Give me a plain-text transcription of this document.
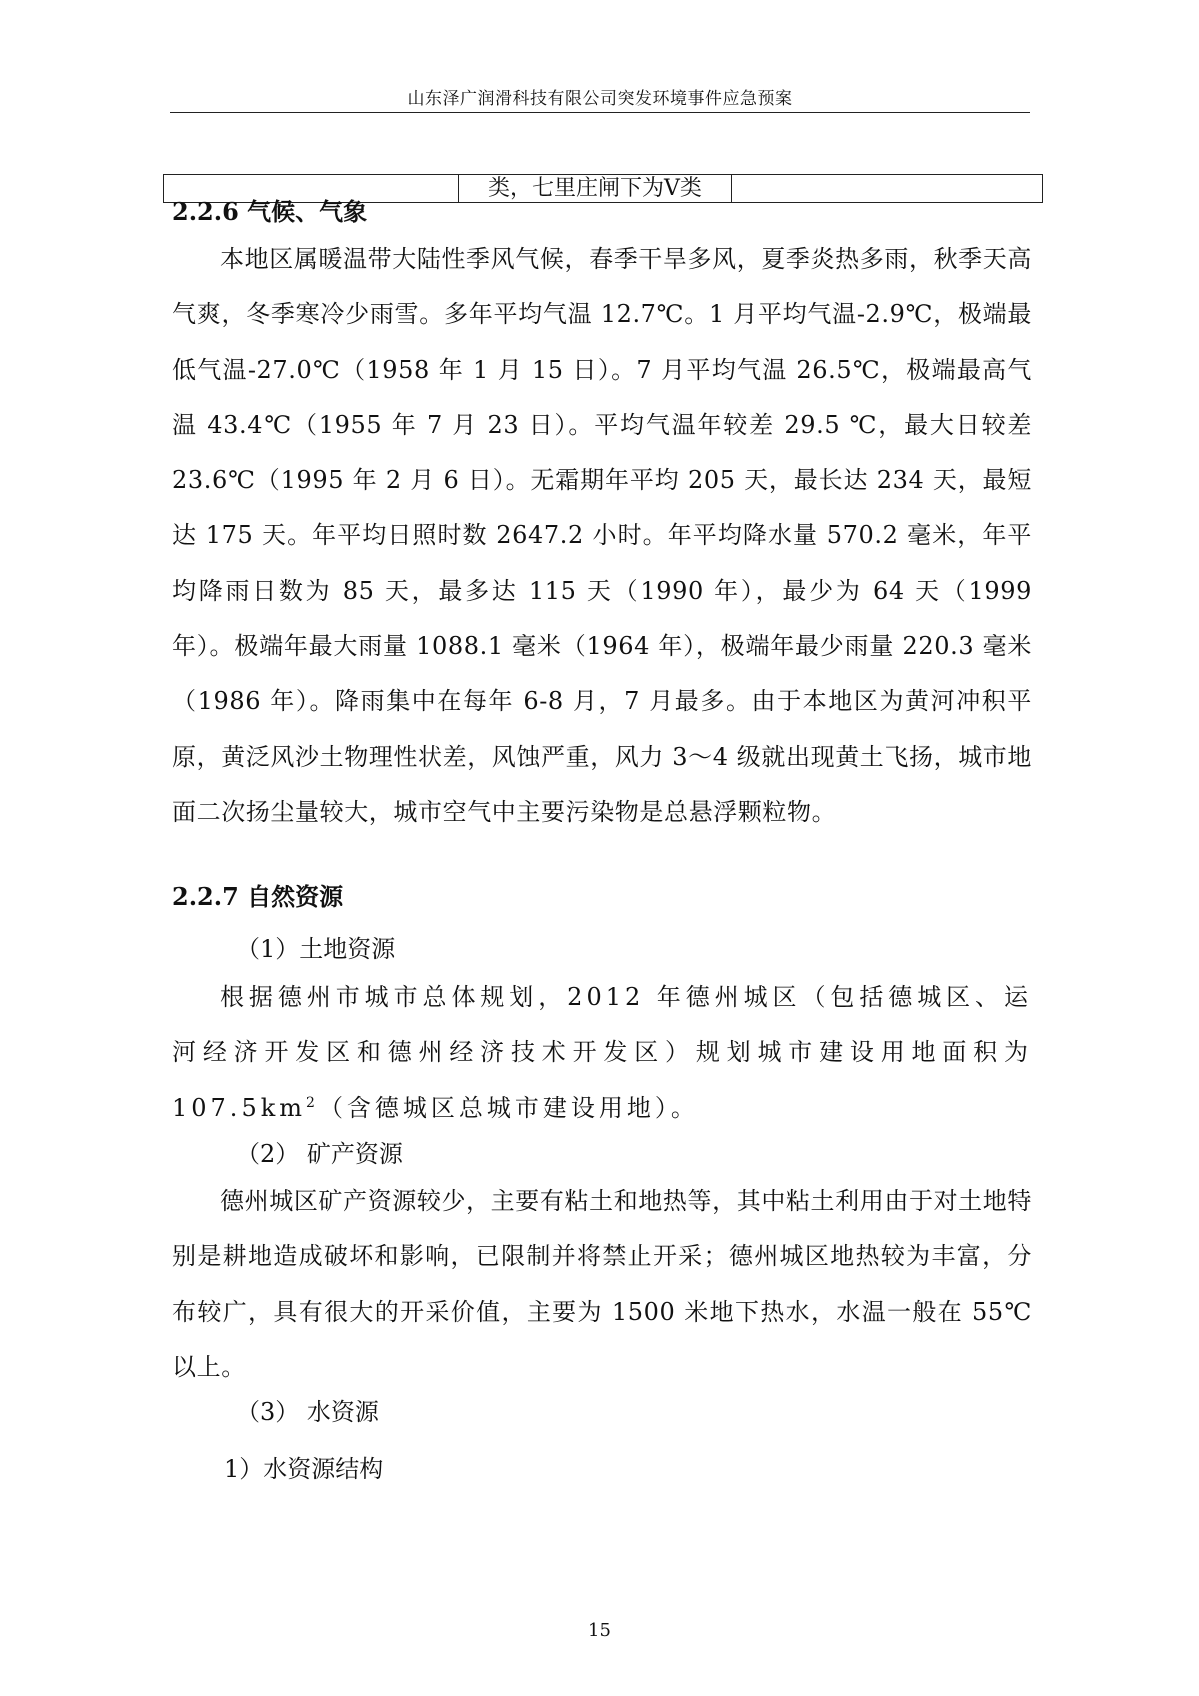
山东泽广润滑科技有限公司突发环境事件应急预案
	类，七里庄闸下为Ⅴ类	
2.2.6 气候、气象
本地区属暖温带大陆性季风气候，春季干旱多风，夏季炎热多雨，秋季天高气爽，冬季寒冷少雨雪。多年平均气温 12.7℃。1 月平均气温-2.9℃，极端最低气温-27.0℃（1958 年 1 月 15 日）。7 月平均气温 26.5℃，极端最高气温 43.4℃（1955 年 7 月 23 日）。平均气温年较差 29.5 ℃，最大日较差 23.6℃（1995 年 2 月 6 日）。无霜期年平均 205 天，最长达 234 天，最短达 175 天。年平均日照时数 2647.2 小时。年平均降水量 570.2 毫米，年平均降雨日数为 85 天，最多达 115 天（1990 年），最少为 64 天（1999 年）。极端年最大雨量 1088.1 毫米（1964 年），极端年最少雨量 220.3 毫米（1986 年）。降雨集中在每年 6-8 月，7 月最多。由于本地区为黄河冲积平原，黄泛风沙土物理性状差，风蚀严重，风力 3～4 级就出现黄土飞扬，城市地面二次扬尘量较大，城市空气中主要污染物是总悬浮颗粒物。
2.2.7 自然资源
（1）土地资源
根据德州市城市总体规划，2012 年德州城区（包括德城区、运河经济开发区和德州经济技术开发区）规划城市建设用地面积为 $107.5km^2$（含德城区总城市建设用地）。
（2） 矿产资源
德州城区矿产资源较少，主要有粘土和地热等，其中粘土利用由于对土地特别是耕地造成破坏和影响，已限制并将禁止开采；德州城区地热较为丰富，分布较广，具有很大的开采价值，主要为 1500 米地下热水，水温一般在 55℃以上。
（3） 水资源
1）水资源结构
15
